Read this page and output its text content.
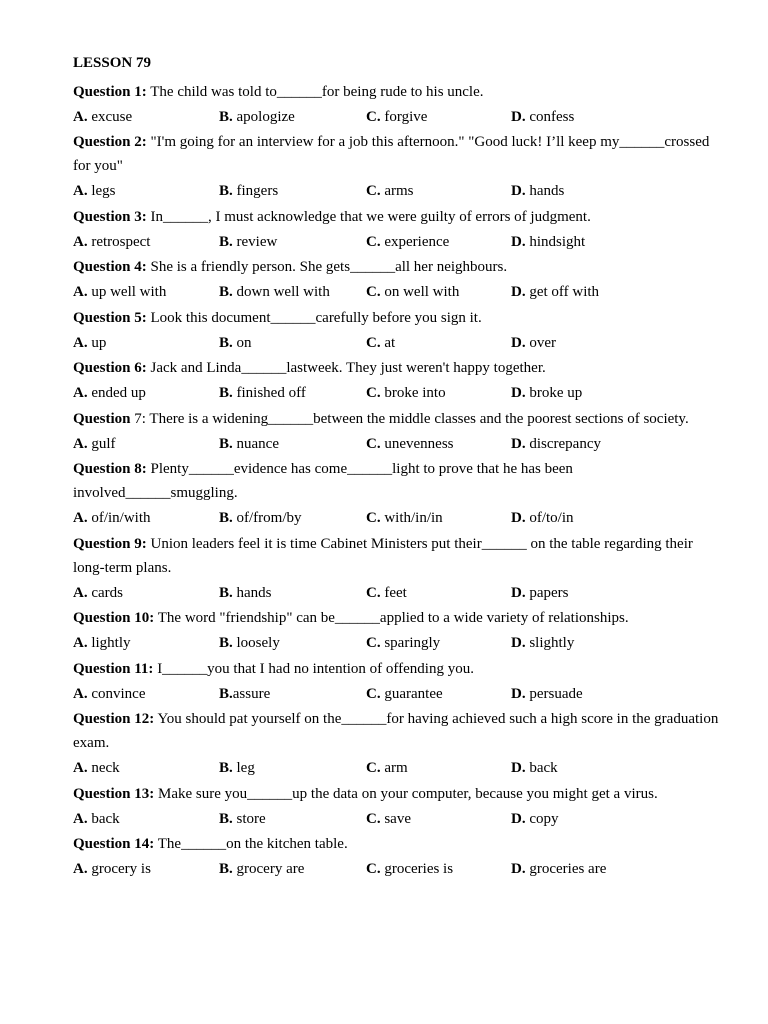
LESSON 79
Question 1: The child was told to______for being rude to his uncle.
A. excuse	B. apologize	C. forgive	D. confess
Question 2: "I'm going for an interview for a job this afternoon." "Good luck! I’ll keep my______crossed for you"
A. legs	B. fingers	C. arms	D. hands
Question 3: In______, I must acknowledge that we were guilty of errors of judgment.
A. retrospect	B. review	C. experience	D. hindsight
Question 4: She is a friendly person. She gets______all her neighbours.
A. up well with	B. down well with	C. on well with	D. get off with
Question 5: Look this document______carefully before you sign it.
A. up	B. on	C. at	D. over
Question 6: Jack and Linda______lastweek. They just weren't happy together.
A. ended up	B. finished off	C. broke into	D. broke up
Question 7: There is a widening______between the middle classes and the poorest sections of society.
A. gulf	B. nuance	C. unevenness	D. discrepancy
Question 8: Plenty______evidence has come______light to prove that he has been involved______smuggling.
A. of/in/with	B. of/from/by	C. with/in/in	D. of/to/in
Question 9: Union leaders feel it is time Cabinet Ministers put their______ on the table regarding their long-term plans.
A. cards	B. hands	C. feet	D. papers
Question 10: The word "friendship" can be______applied to a wide variety of relationships.
A. lightly	B. loosely	C. sparingly	D. slightly
Question 11: I______you that I had no intention of offending you.
A. convince	B.assure	C. guarantee	D. persuade
Question 12: You should pat yourself on the______for having achieved such a high score in the graduation exam.
A. neck	B. leg	C. arm	D. back
Question 13: Make sure you______up the data on your computer, because you might get a virus.
A. back	B. store	C. save	D. copy
Question 14: The______on the kitchen table.
A. grocery is	B. grocery are	C. groceries is	D. groceries are
